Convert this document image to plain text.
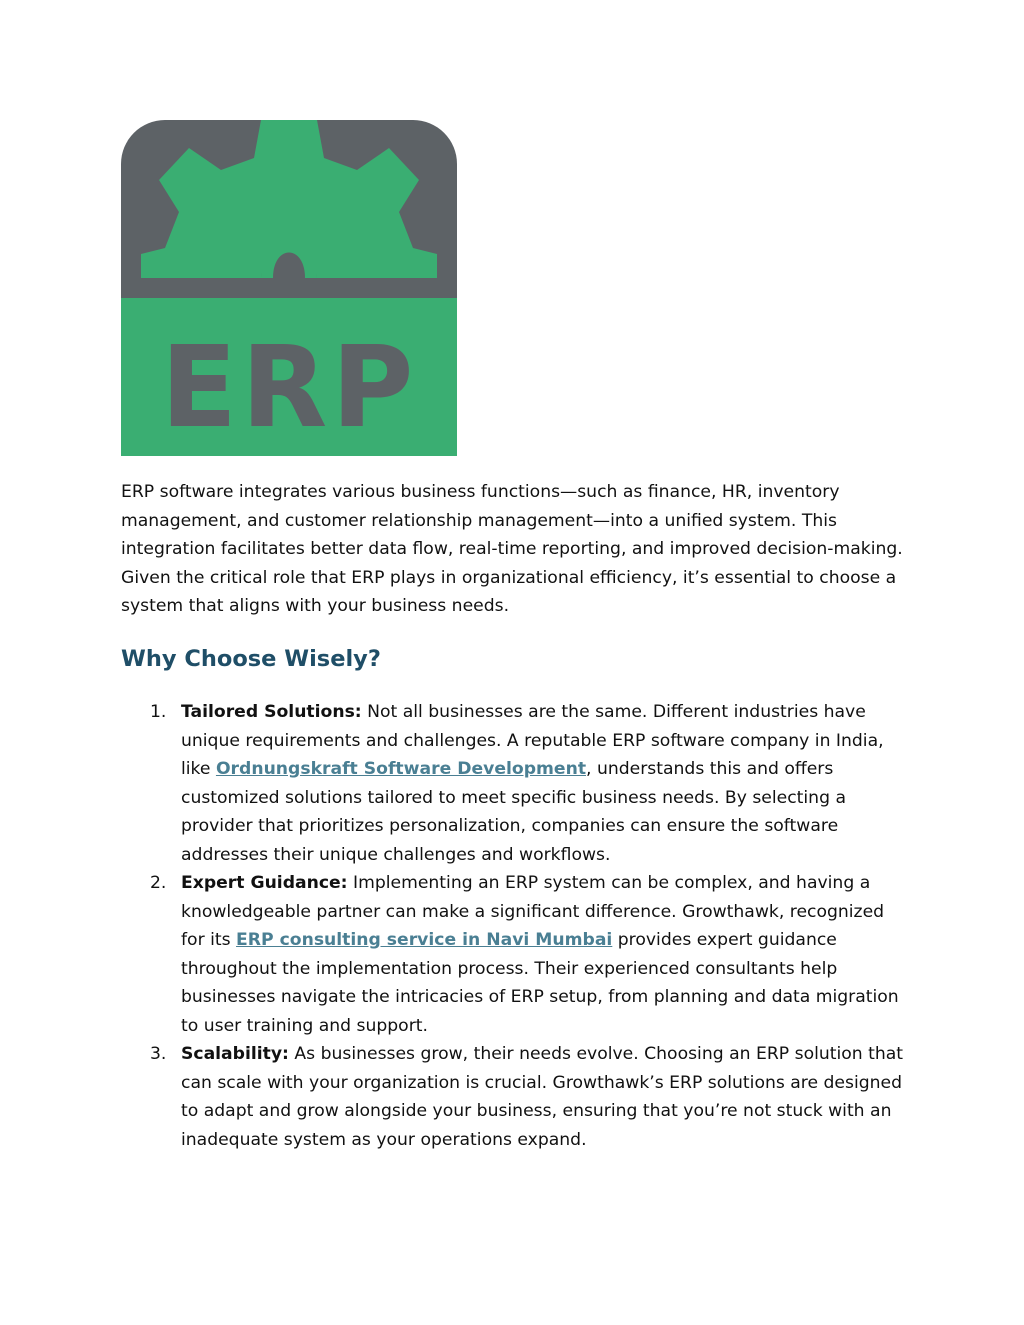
ERP

ERP software integrates various business functions—such as finance, HR, inventory management, and customer relationship management—into a unified system. This integration facilitates better data flow, real-time reporting, and improved decision-making. Given the critical role that ERP plays in organizational efficiency, it’s essential to choose a system that aligns with your business needs.

Why Choose Wisely?
1. Tailored Solutions: Not all businesses are the same. Different industries have unique requirements and challenges. A reputable ERP software company in India, like Ordnungskraft Software Development, understands this and offers customized solutions tailored to meet specific business needs. By selecting a provider that prioritizes personalization, companies can ensure the software addresses their unique challenges and workflows.
2. Expert Guidance: Implementing an ERP system can be complex, and having a knowledgeable partner can make a significant difference. Growthawk, recognized for its ERP consulting service in Navi Mumbai provides expert guidance throughout the implementation process. Their experienced consultants help businesses navigate the intricacies of ERP setup, from planning and data migration to user training and support.
3. Scalability: As businesses grow, their needs evolve. Choosing an ERP solution that can scale with your organization is crucial. Growthawk’s ERP solutions are designed to adapt and grow alongside your business, ensuring that you’re not stuck with an inadequate system as your operations expand.
